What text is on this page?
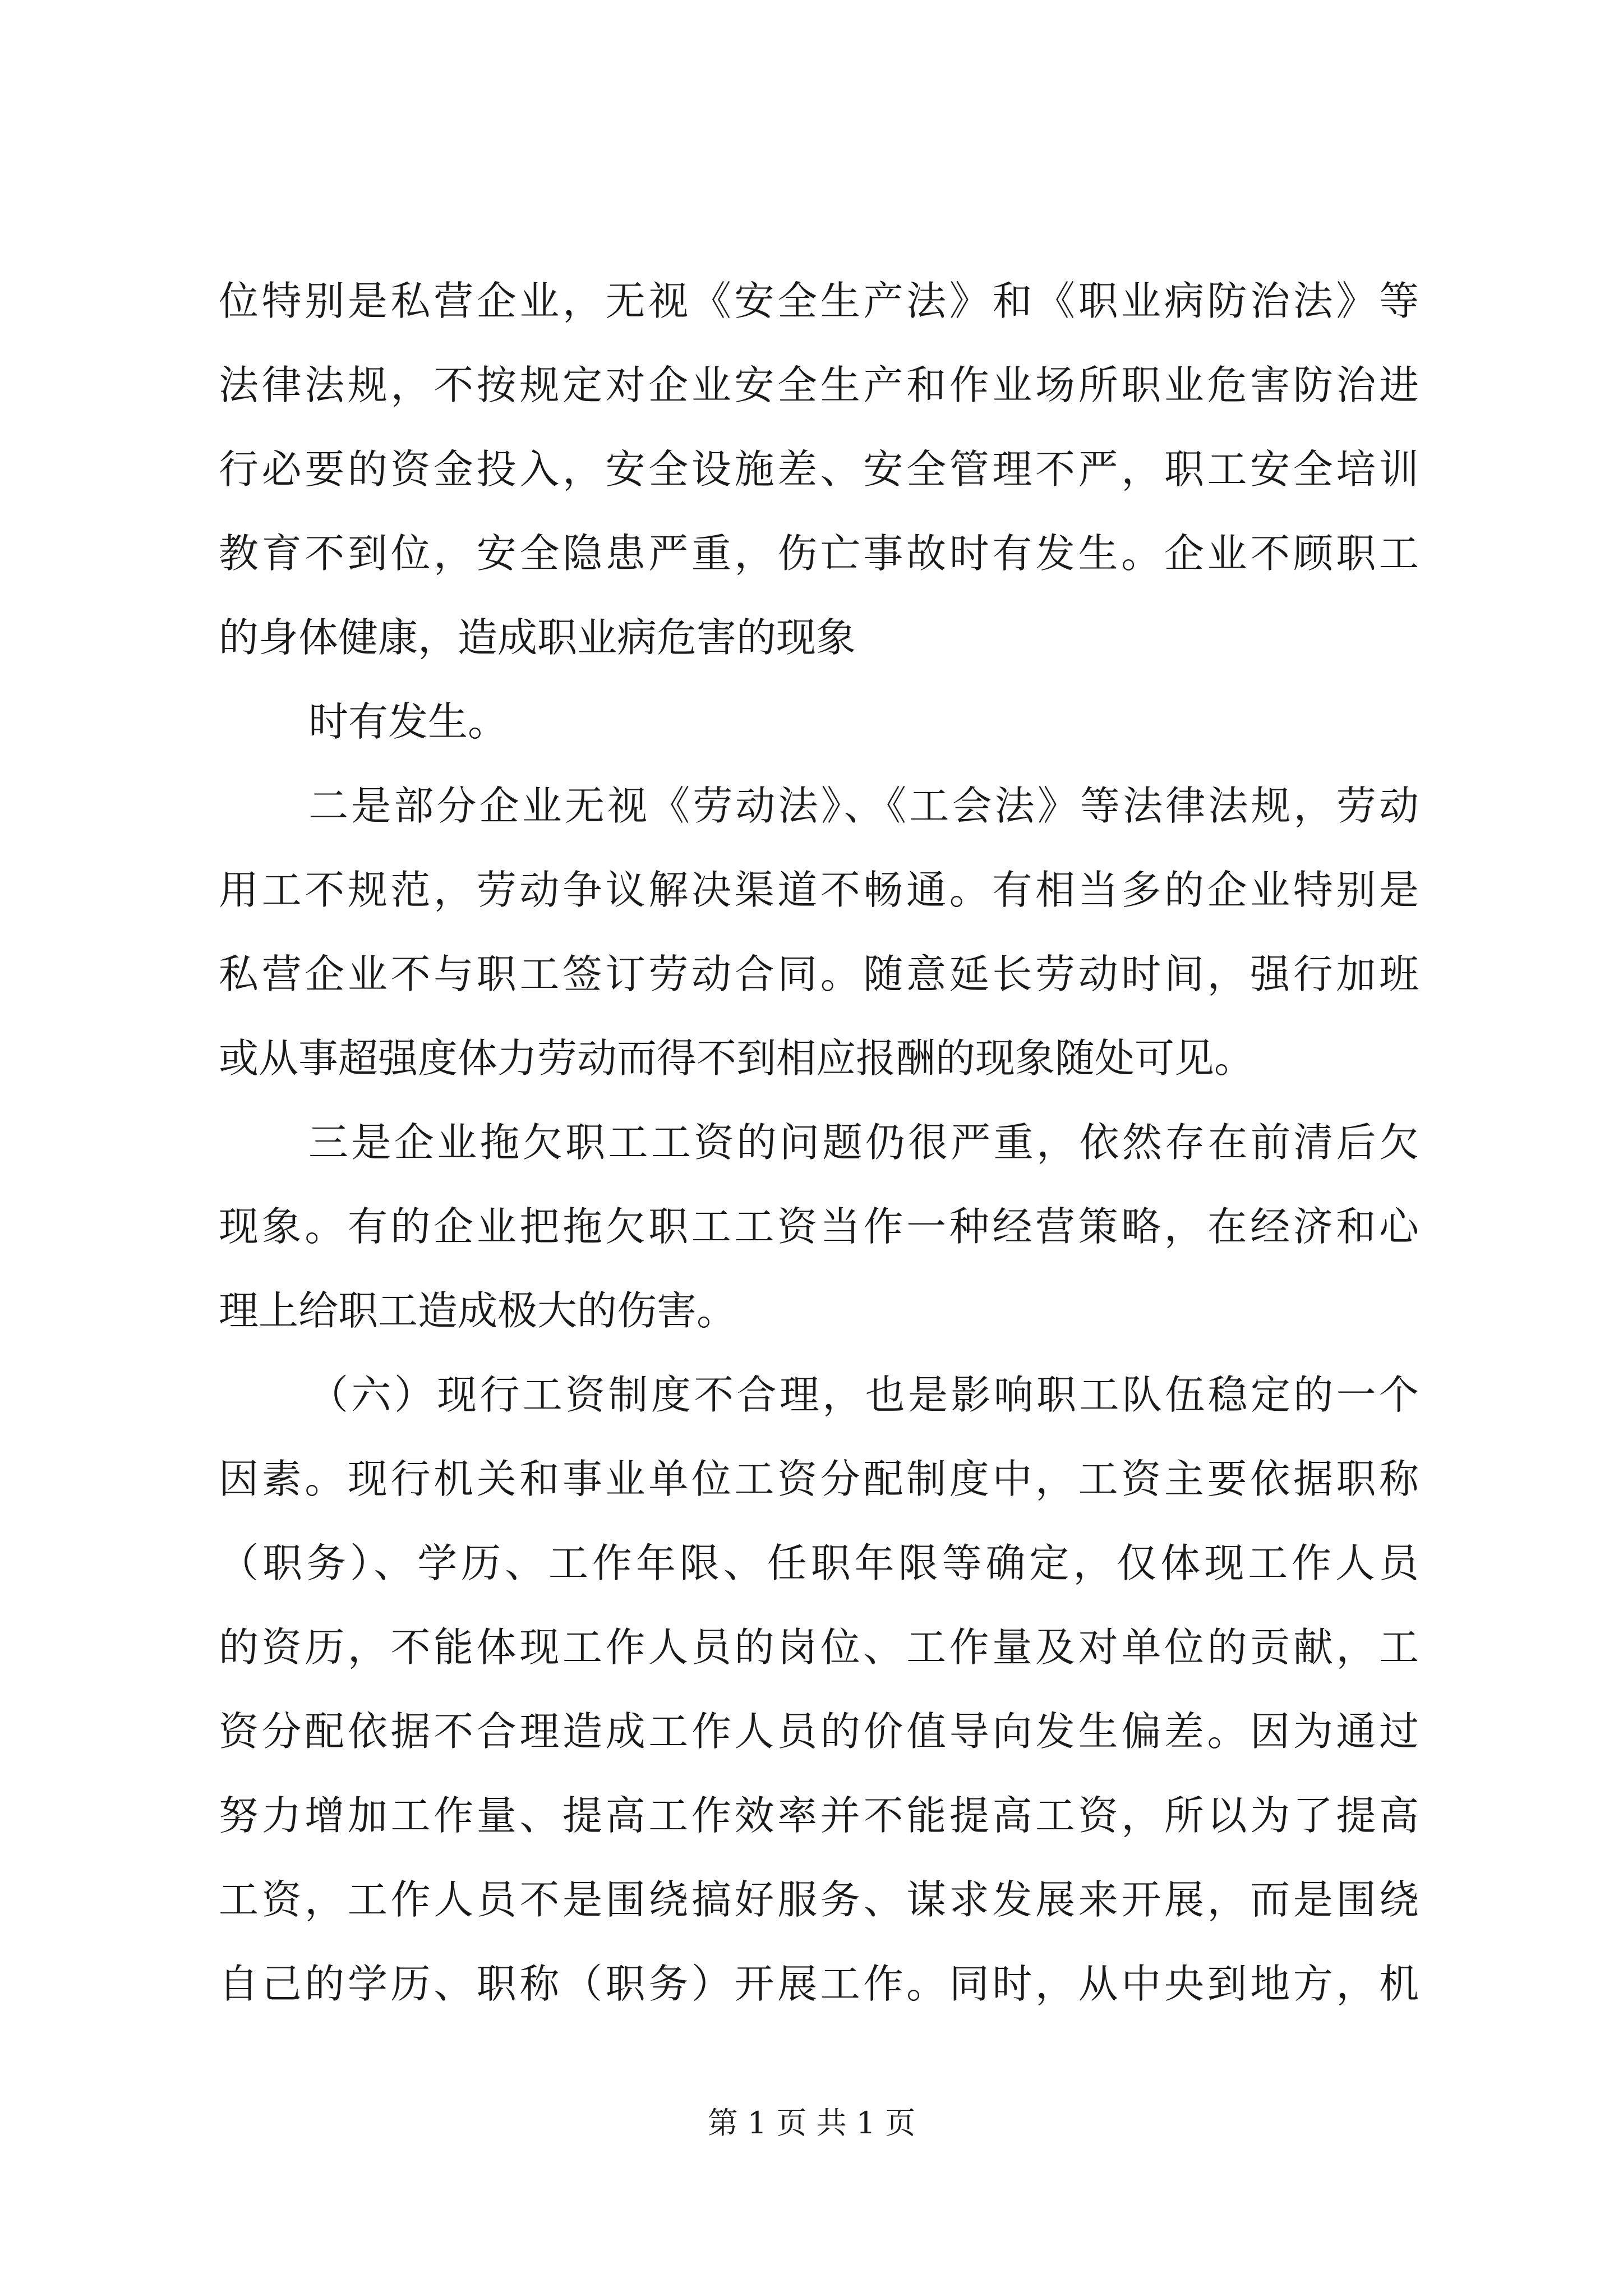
位特别是私营企业，无视《安全生产法》和《职业病防治法》等
法律法规，不按规定对企业安全生产和作业场所职业危害防治进
行必要的资金投入，安全设施差、安全管理不严，职工安全培训
教育不到位，安全隐患严重，伤亡事故时有发生。企业不顾职工
的身体健康，造成职业病危害的现象
时有发生。
二是部分企业无视《劳动法》、《工会法》等法律法规，劳动
用工不规范，劳动争议解决渠道不畅通。有相当多的企业特别是
私营企业不与职工签订劳动合同。随意延长劳动时间，强行加班
或从事超强度体力劳动而得不到相应报酬的现象随处可见。
三是企业拖欠职工工资的问题仍很严重，依然存在前清后欠
现象。有的企业把拖欠职工工资当作一种经营策略，在经济和心
理上给职工造成极大的伤害。
（六）现行工资制度不合理，也是影响职工队伍稳定的一个
因素。现行机关和事业单位工资分配制度中，工资主要依据职称
（职务）、学历、工作年限、任职年限等确定，仅体现工作人员
的资历，不能体现工作人员的岗位、工作量及对单位的贡献，工
资分配依据不合理造成工作人员的价值导向发生偏差。因为通过
努力增加工作量、提高工作效率并不能提高工资，所以为了提高
工资，工作人员不是围绕搞好服务、谋求发展来开展，而是围绕
自己的学历、职称（职务）开展工作。同时，从中央到地方，机
第 1 页 共 1 页
